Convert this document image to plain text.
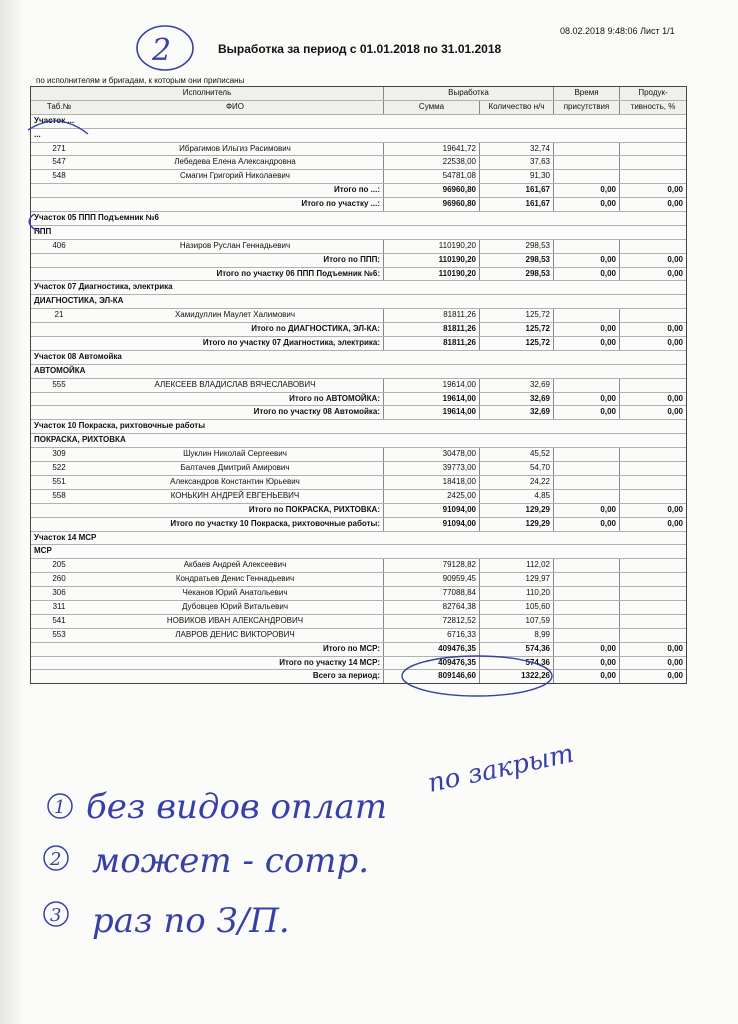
08.02.2018 9:48:06 Лист 1/1
Выработка за период с 01.01.2018 по 31.01.2018
по исполнителям и бригадам, к которым они приписаны
Исполнитель	Выработка	Время	Продук-
Таб.№	ФИО	Сумма	Количество н/ч	присутствия	тивность, %
Участок ...
...
271	Ибрагимов Ильгиз Расимович	19641,72	32,74
547	Лебедева Елена Александровна	22538,00	37,63
548	Смагин Григорий Николаевич	54781,08	91,30
Итого по ...:	96960,80	161,67	0,00	0,00
Итого по участку ...:	96960,80	161,67	0,00	0,00
Участок 05 ППП Подъемник №6
ППП
406	Назиров Руслан Геннадьевич	110190,20	298,53
Итого по ППП:	110190,20	298,53	0,00	0,00
Итого по участку 06 ППП Подъемник №6:	110190,20	298,53	0,00	0,00
Участок 07 Диагностика, электрика
ДИАГНОСТИКА, ЭЛ-КА
21	Хамидуллин Маулет Халимович	81811,26	125,72
Итого по ДИАГНОСТИКА, ЭЛ-КА:	81811,26	125,72	0,00	0,00
Итого по участку 07 Диагностика, электрика:	81811,26	125,72	0,00	0,00
Участок 08 Автомойка
АВТОМОЙКА
555	АЛЕКСЕЕВ ВЛАДИСЛАВ ВЯЧЕСЛАВОВИЧ	19614,00	32,69
Итого по АВТОМОЙКА:	19614,00	32,69	0,00	0,00
Итого по участку 08 Автомойка:	19614,00	32,69	0,00	0,00
Участок 10 Покраска, рихтовочные работы
ПОКРАСКА, РИХТОВКА
309	Шуклин Николай Сергеевич	30478,00	45,52
522	Балтачев Дмитрий Амирович	39773,00	54,70
551	Александров Константин Юрьевич	18418,00	24,22
558	КОНЬКИН АНДРЕЙ ЕВГЕНЬЕВИЧ	2425,00	4,85
Итого по ПОКРАСКА, РИХТОВКА:	91094,00	129,29	0,00	0,00
Итого по участку 10 Покраска, рихтовочные работы:	91094,00	129,29	0,00	0,00
Участок 14 МСР
МСР
205	Акбаев Андрей Алексеевич	79128,82	112,02
260	Кондратьев Денис Геннадьевич	90959,45	129,97
306	Чеканов Юрий Анатольевич	77088,84	110,20
311	Дубовцев Юрий Витальевич	82764,38	105,60
541	НОВИКОВ ИВАН АЛЕКСАНДРОВИЧ	72812,52	107,59
553	ЛАВРОВ ДЕНИС ВИКТОРОВИЧ	6716,33	8,99
Итого по МСР:	409476,35	574,36	0,00	0,00
Итого по участку 14 МСР:	409476,35	574,36	0,00	0,00
Всего за период:	809146,60	1322,26	0,00	0,00
2
по закрыт
1 без видов оплат
2 может - сотр.
3 раз по З/П.
